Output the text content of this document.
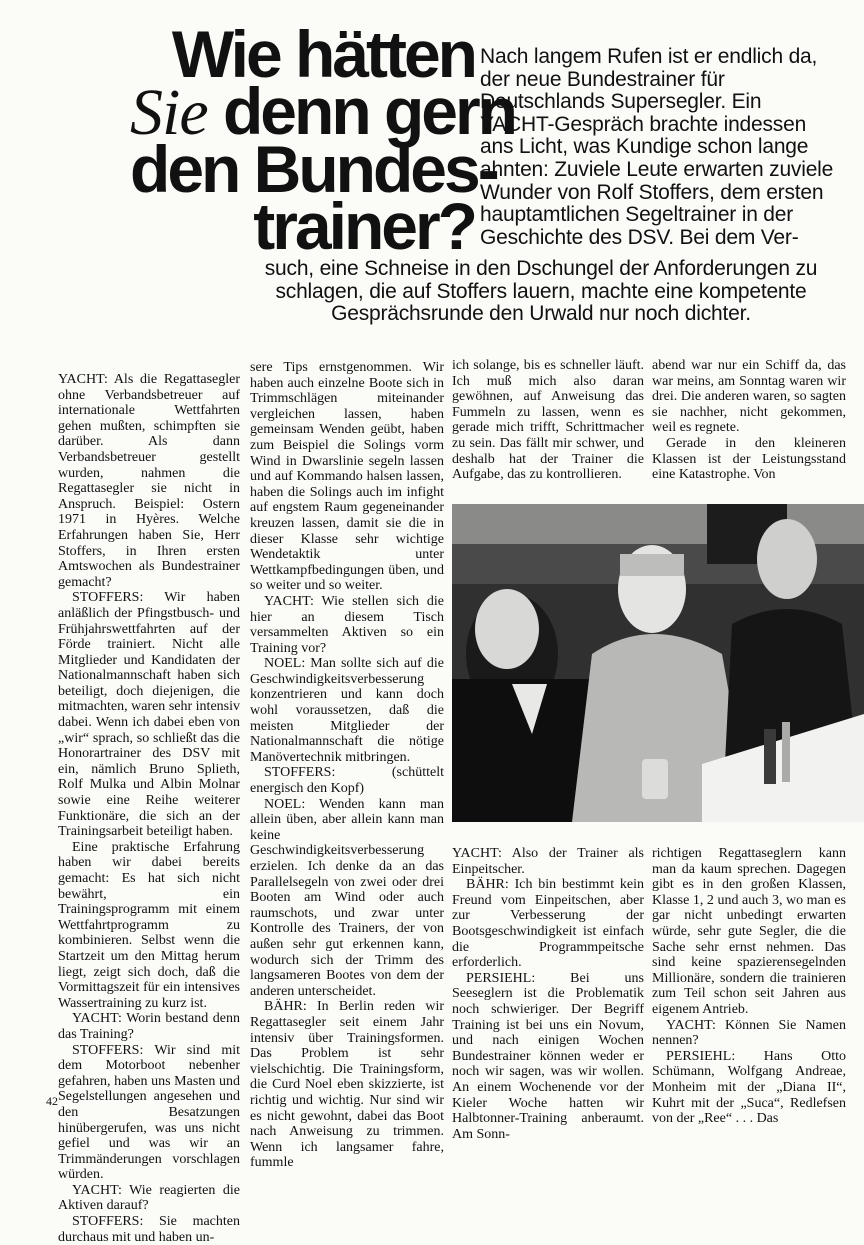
Wie hätten
Sie denn gern
den Bundes-
trainer?
Nach langem Rufen ist er endlich da, der neue Bundestrainer für Deutschlands Supersegler. Ein YACHT-Gespräch brachte indessen ans Licht, was Kundige schon lange ahnten: Zuviele Leute erwarten zuviele Wunder von Rolf Stoffers, dem ersten hauptamtlichen Segeltrainer in der Geschichte des DSV. Bei dem Ver-
such, eine Schneise in den Dschungel der Anforderungen zu schlagen, die auf Stoffers lauern, machte eine kompetente Gesprächsrunde den Urwald nur noch dichter.

YACHT: Als die Regattasegler ohne Verbandsbetreuer auf internationale Wettfahrten gehen mußten, schimpften sie darüber. Als dann Verbandsbetreuer gestellt wurden, nahmen die Regattasegler sie nicht in Anspruch. Beispiel: Ostern 1971 in Hyères. Welche Erfahrungen haben Sie, Herr Stoffers, in Ihren ersten Amtswochen als Bundestrainer gemacht?

STOFFERS: Wir haben anläßlich der Pfingstbusch- und Frühjahrswettfahrten auf der Förde trainiert. Nicht alle Mitglieder und Kandidaten der Nationalmannschaft haben sich beteiligt, doch diejenigen, die mitmachten, waren sehr intensiv dabei. Wenn ich dabei eben von „wir“ sprach, so schließt das die Honorartrainer des DSV mit ein, nämlich Bruno Splieth, Rolf Mulka und Albin Molnar sowie eine Reihe weiterer Funktionäre, die sich an der Trainingsarbeit beteiligt haben.

Eine praktische Erfahrung haben wir dabei bereits gemacht: Es hat sich nicht bewährt, ein Trainingsprogramm mit einem Wettfahrtprogramm zu kombinieren. Selbst wenn die Startzeit um den Mittag herum liegt, zeigt sich doch, daß die Vormittagszeit für ein intensives Wassertraining zu kurz ist.

YACHT: Worin bestand denn das Training?

STOFFERS: Wir sind mit dem Motorboot nebenher gefahren, haben uns Masten und Segelstellungen angesehen und den Besatzungen hinübergerufen, was uns nicht gefiel und was wir an Trimmänderungen vorschlagen würden.

YACHT: Wie reagierten die Aktiven darauf?

STOFFERS: Sie machten durchaus mit und haben un-

sere Tips ernstgenommen. Wir haben auch einzelne Boote sich in Trimmschlägen miteinander vergleichen lassen, haben gemeinsam Wenden geübt, haben zum Beispiel die Solings vorm Wind in Dwarslinie segeln lassen und auf Kommando halsen lassen, haben die Solings auch im infight auf engstem Raum gegeneinander kreuzen lassen, damit sie die in dieser Klasse sehr wichtige Wendetaktik unter Wettkampfbedingungen üben, und so weiter und so weiter.

YACHT: Wie stellen sich die hier an diesem Tisch versammelten Aktiven so ein Training vor?

NOEL: Man sollte sich auf die Geschwindigkeitsverbesserung konzentrieren und kann doch wohl voraussetzen, daß die meisten Mitglieder der Nationalmannschaft die nötige Manövertechnik mitbringen.

STOFFERS: (schüttelt energisch den Kopf)

NOEL: Wenden kann man allein üben, aber allein kann man keine Geschwindigkeitsverbesserung erzielen. Ich denke da an das Parallelsegeln von zwei oder drei Booten am Wind oder auch raumschots, und zwar unter Kontrolle des Trainers, der von außen sehr gut erkennen kann, wodurch sich der Trimm des langsameren Bootes von dem der anderen unterscheidet.

BÄHR: In Berlin reden wir Regattasegler seit einem Jahr intensiv über Trainingsformen. Das Problem ist sehr vielschichtig. Die Trainingsform, die Curd Noel eben skizzierte, ist richtig und wichtig. Nur sind wir es nicht gewohnt, dabei das Boot nach Anweisung zu trimmen. Wenn ich langsamer fahre, fummle

ich solange, bis es schneller läuft. Ich muß mich also daran gewöhnen, auf Anweisung das Fummeln zu lassen, wenn es gerade mich trifft, Schrittmacher zu sein. Das fällt mir schwer, und deshalb hat der Trainer die Aufgabe, das zu kontrollieren.

abend war nur ein Schiff da, das war meins, am Sonntag waren wir drei. Die anderen waren, so sagten sie nachher, nicht gekommen, weil es regnete.

Gerade in den kleineren Klassen ist der Leistungsstand eine Katastrophe. Von

YACHT: Also der Trainer als Einpeitscher.

BÄHR: Ich bin bestimmt kein Freund vom Einpeitschen, aber zur Verbesserung der Bootsgeschwindigkeit ist einfach die Programmpeitsche erforderlich.

PERSIEHL: Bei uns Seeseglern ist die Problematik noch schwieriger. Der Begriff Training ist bei uns ein Novum, und nach einigen Wochen Bundestrainer können weder er noch wir sagen, was wir wollen. An einem Wochenende vor der Kieler Woche hatten wir Halbtonner-Training anberaumt. Am Sonn-

richtigen Regattaseglern kann man da kaum sprechen. Dagegen gibt es in den großen Klassen, Klasse 1, 2 und auch 3, wo man es gar nicht unbedingt erwarten würde, sehr gute Segler, die die Sache sehr ernst nehmen. Das sind keine spazierensegelnden Millionäre, sondern die trainieren zum Teil schon seit Jahren aus eigenem Antrieb.

YACHT: Können Sie Namen nennen?

PERSIEHL: Hans Otto Schümann, Wolfgang Andreae, Monheim mit der „Diana II“, Kuhrt mit der „Suca“, Redlefsen von der „Ree“ . . . Das

42
